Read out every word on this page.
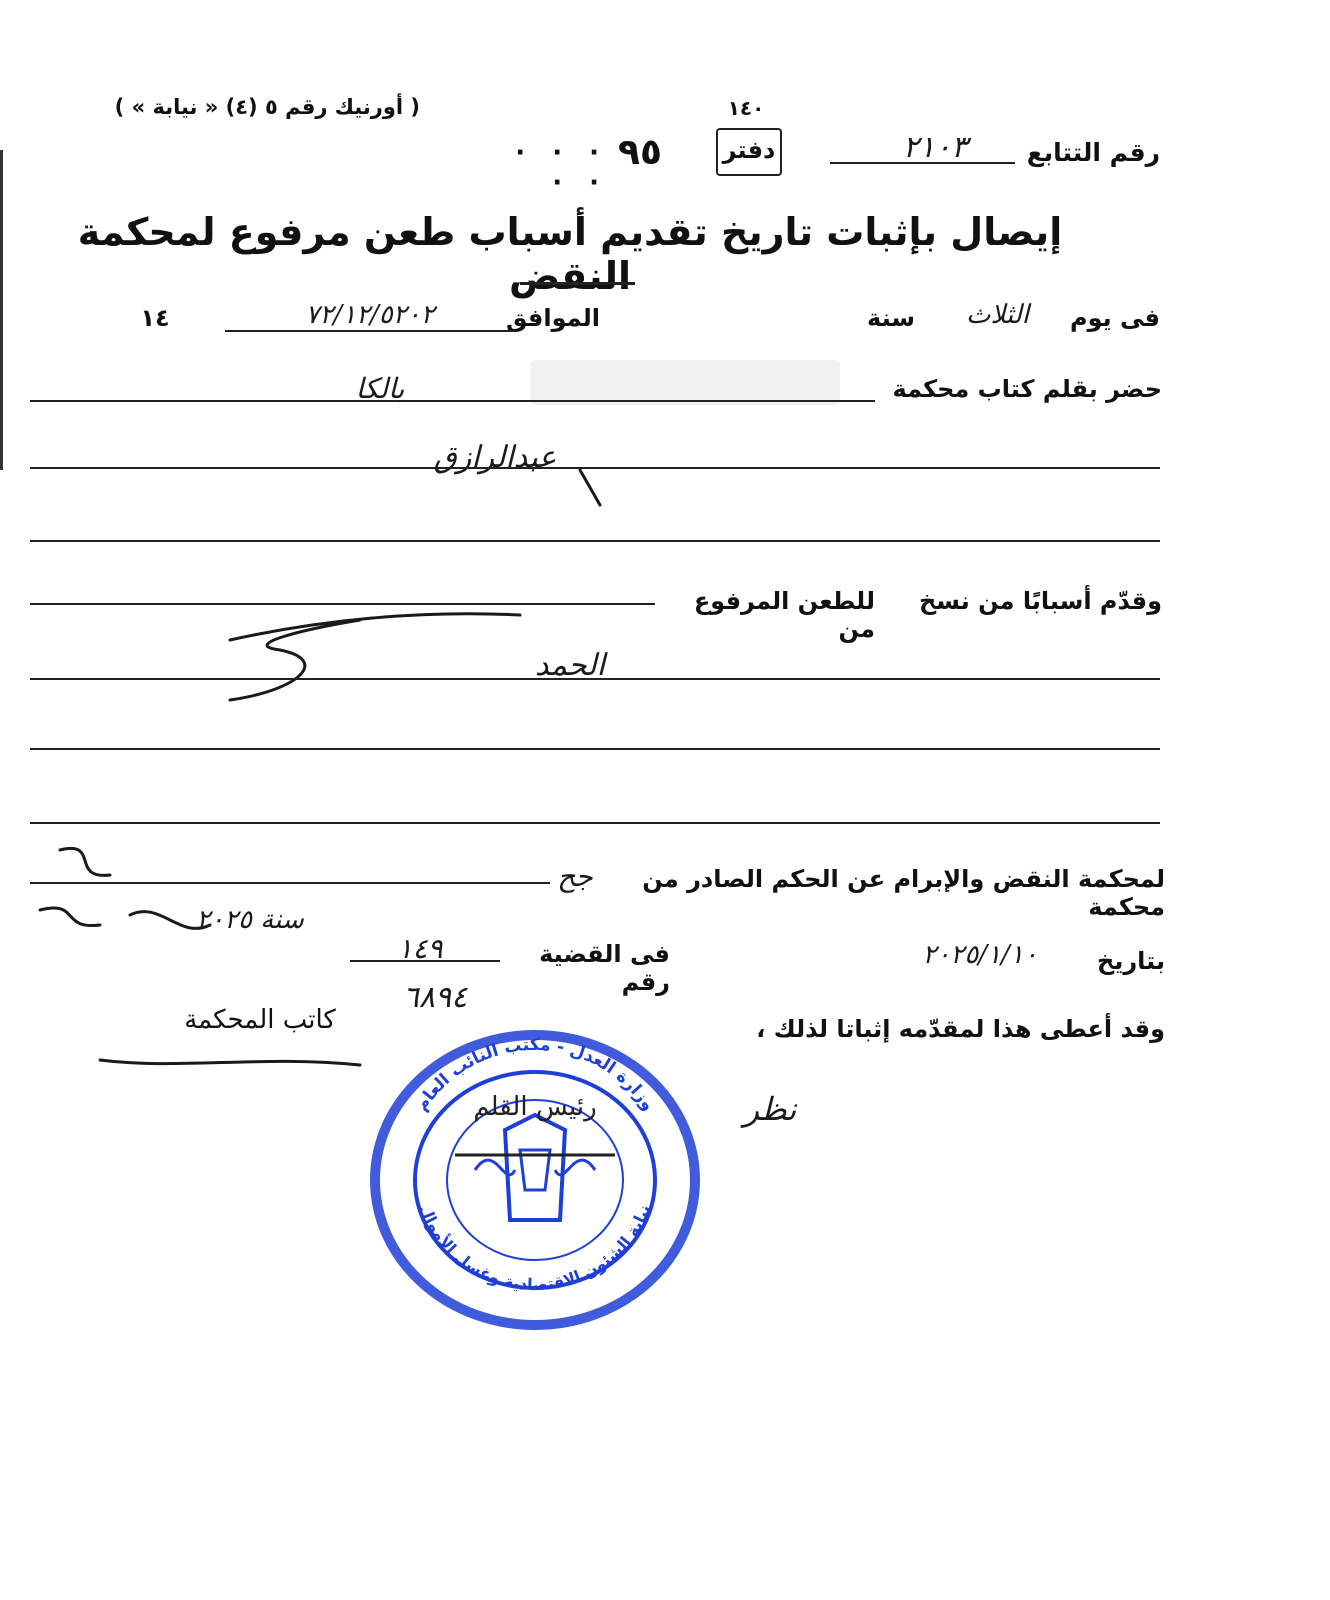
( أورنيك رقم ٥ (٤) « نيابة » )
رقم التتابع
٢١٠٣
١٤٠
دفتر
٩٥
· · · · ·
إيصال بإثبات تاريخ تقديم أسباب طعن مرفوع لمحكمة النقض
فى يوم
الثلاث
سنة
الموافق
٧٢/١٢/٥٢٠٢
١٤
حضر بقلم كتاب محكمة
بالكا
عبدالرازق
وقدّم أسبابًا من نسخ
للطعن المرفوع من
الحمد
لمحكمة النقض والإبرام عن الحكم الصادر من محكمة
جح
بتاريخ
٢٠٢٥/١/١٠
فى القضية رقم
١٤٩
سنة ٢٠٢٥
٦٨٩٤
وقد أعطى هذا لمقدّمه إثباتا لذلك ،
كاتب المحكمة
نظر
وزارة العدل - مكتب النائب العام
نيابة الشئون الاقتصادية وغسل الأموال
رئيس القلم
